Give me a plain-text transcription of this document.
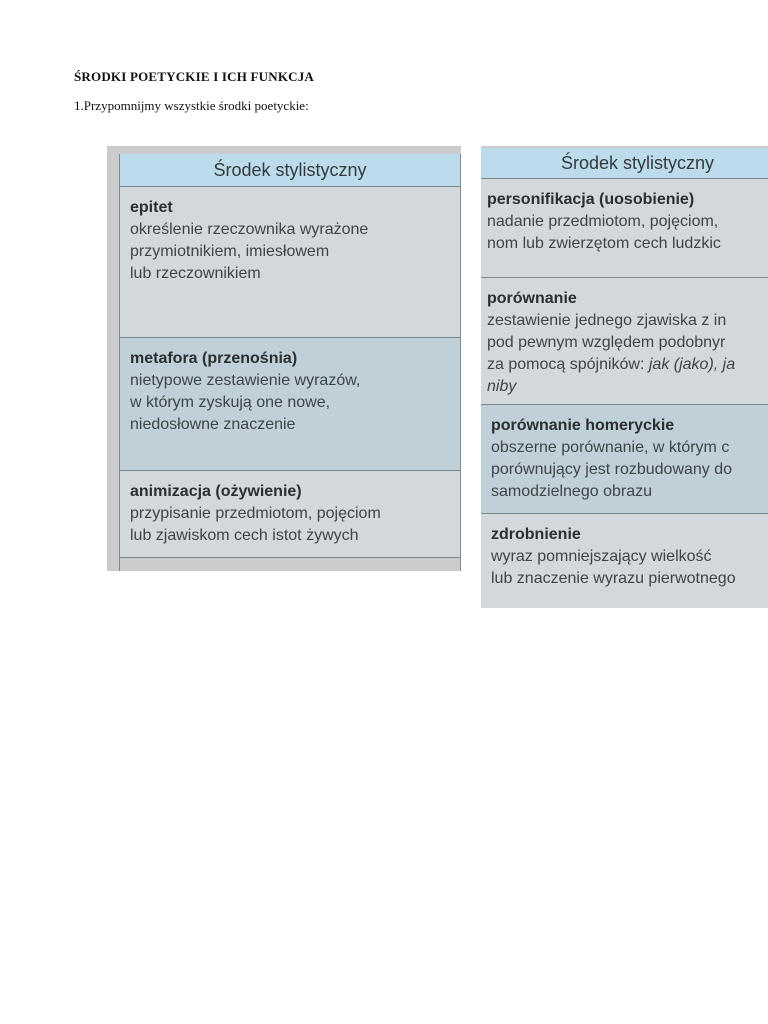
ŚRODKI POETYCKIE I ICH FUNKCJA
1.Przypomnijmy wszystkie środki poetyckie:
Środek stylistyczny
epitet
określenie rzeczownika wyrażone
przymiotnikiem, imiesłowem
lub rzeczownikiem
metafora (przenośnia)
nietypowe zestawienie wyrazów,
w którym zyskują one nowe,
niedosłowne znaczenie
animizacja (ożywienie)
przypisanie przedmiotom, pojęciom
lub zjawiskom cech istot żywych
Środek stylistyczny
personifikacja (uosobienie)
nadanie przedmiotom, pojęciom,
nom lub zwierzętom cech ludzkic
porównanie
zestawienie jednego zjawiska z in
pod pewnym względem podobnyr
za pomocą spójników: jak (jako), ja
niby
porównanie homeryckie
obszerne porównanie, w którym c
porównujący jest rozbudowany do
samodzielnego obrazu
zdrobnienie
wyraz pomniejszający wielkość
lub znaczenie wyrazu pierwotnego
